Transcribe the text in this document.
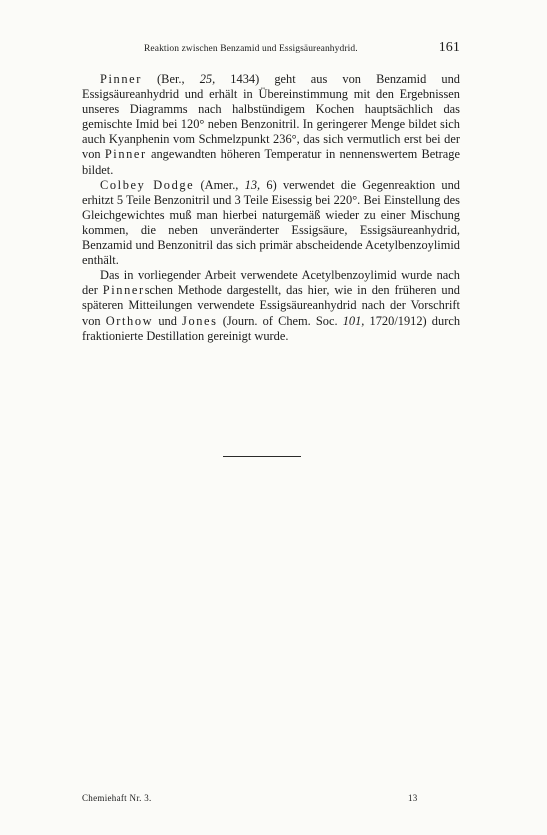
Reaktion zwischen Benzamid und Essigsäureanhydrid.	161

Pinner (Ber., 25, 1434) geht aus von Benzamid und Essigsäureanhydrid und erhält in Übereinstimmung mit den Ergebnissen unseres Diagramms nach halbstündigem Kochen hauptsächlich das gemischte Imid bei 120° neben Benzonitril. In geringerer Menge bildet sich auch Kyanphenin vom Schmelzpunkt 236°, das sich vermutlich erst bei der von Pinner angewandten höheren Temperatur in nennenswertem Betrage bildet.

Colbey Dodge (Amer., 13, 6) verwendet die Gegenreaktion und erhitzt 5 Teile Benzonitril und 3 Teile Eisessig bei 220°. Bei Einstellung des Gleichgewichtes muß man hierbei naturgemäß wieder zu einer Mischung kommen, die neben unveränderter Essigsäure, Essigsäureanhydrid, Benzamid und Benzonitril das sich primär abscheidende Acetylbenzoylimid enthält.

Das in vorliegender Arbeit verwendete Acetylbenzoylimid wurde nach der Pinnerschen Methode dargestellt, das hier, wie in den früheren und späteren Mitteilungen verwendete Essigsäureanhydrid nach der Vorschrift von Orthow und Jones (Journ. of Chem. Soc. 101, 1720/1912) durch fraktionierte Destillation gereinigt wurde.

Chemiehaft Nr. 3.	13
